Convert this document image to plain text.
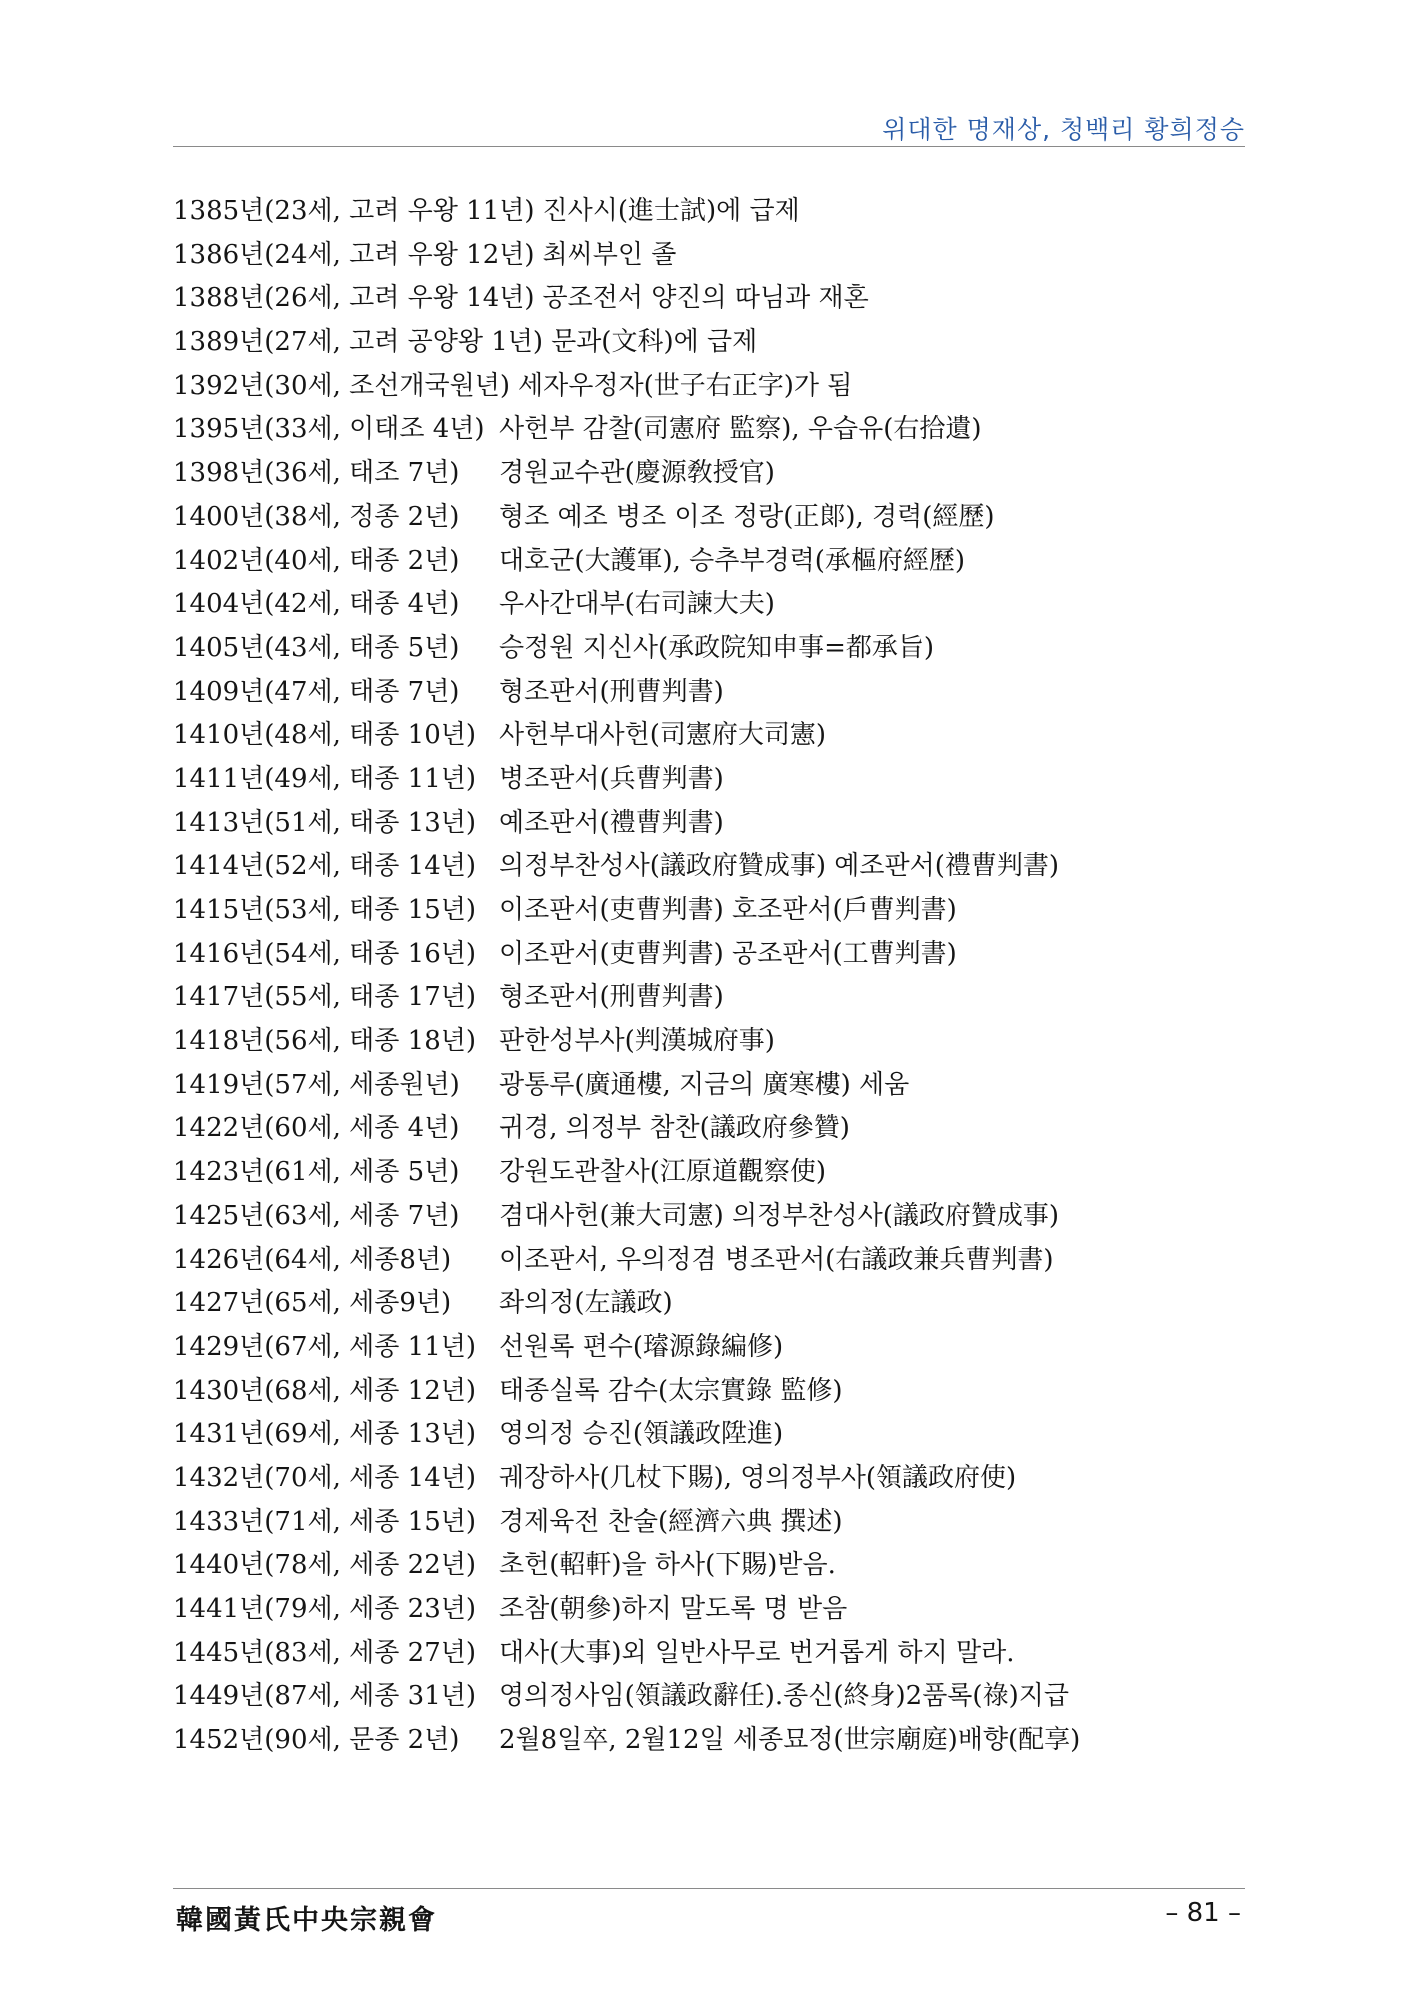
위대한 명재상, 청백리 황희정승
1385년(23세, 고려 우왕 11년) 진사시(進士試)에 급제
1386년(24세, 고려 우왕 12년) 최씨부인 졸
1388년(26세, 고려 우왕 14년) 공조전서 양진의 따님과 재혼
1389년(27세, 고려 공양왕 1년) 문과(文科)에 급제
1392년(30세, 조선개국원년) 세자우정자(世子右正字)가 됨
1395년(33세, 이태조 4년) 사헌부 감찰(司憲府 監察), 우습유(右拾遺)
1398년(36세, 태조 7년)	경원교수관(慶源敎授官)
1400년(38세, 정종 2년)	형조 예조 병조 이조 정랑(正郞), 경력(經歷)
1402년(40세, 태종 2년)	대호군(大護軍), 승추부경력(承樞府經歷)
1404년(42세, 태종 4년)	우사간대부(右司諫大夫)
1405년(43세, 태종 5년)	승정원 지신사(承政院知申事=都承旨)
1409년(47세, 태종 7년)	형조판서(刑曹判書)
1410년(48세, 태종 10년) 사헌부대사헌(司憲府大司憲)
1411년(49세, 태종 11년) 병조판서(兵曹判書)
1413년(51세, 태종 13년) 예조판서(禮曹判書)
1414년(52세, 태종 14년) 의정부찬성사(議政府贊成事) 예조판서(禮曹判書)
1415년(53세, 태종 15년) 이조판서(吏曹判書) 호조판서(戶曹判書)
1416년(54세, 태종 16년) 이조판서(吏曹判書) 공조판서(工曹判書)
1417년(55세, 태종 17년) 형조판서(刑曹判書)
1418년(56세, 태종 18년) 판한성부사(判漢城府事)
1419년(57세, 세종원년)	광통루(廣通樓, 지금의 廣寒樓) 세움
1422년(60세, 세종 4년)	귀경, 의정부 참찬(議政府參贊)
1423년(61세, 세종 5년)	강원도관찰사(江原道觀察使)
1425년(63세, 세종 7년)	겸대사헌(兼大司憲) 의정부찬성사(議政府贊成事)
1426년(64세, 세종8년)	이조판서, 우의정겸 병조판서(右議政兼兵曹判書)
1427년(65세, 세종9년)	좌의정(左議政)
1429년(67세, 세종 11년) 선원록 편수(璿源錄編修)
1430년(68세, 세종 12년) 태종실록 감수(太宗實錄 監修)
1431년(69세, 세종 13년) 영의정 승진(領議政陞進)
1432년(70세, 세종 14년) 궤장하사(几杖下賜), 영의정부사(領議政府使)
1433년(71세, 세종 15년) 경제육전 찬술(經濟六典 撰述)
1440년(78세, 세종 22년) 초헌(軺軒)을 하사(下賜)받음.
1441년(79세, 세종 23년) 조참(朝參)하지 말도록 명 받음
1445년(83세, 세종 27년) 대사(大事)외 일반사무로 번거롭게 하지 말라.
1449년(87세, 세종 31년) 영의정사임(領議政辭任).종신(終身)2품록(祿)지급
1452년(90세, 문종 2년)	2월8일卒, 2월12일 세종묘정(世宗廟庭)배향(配享)
韓國黃氏中央宗親會	– 81 –
